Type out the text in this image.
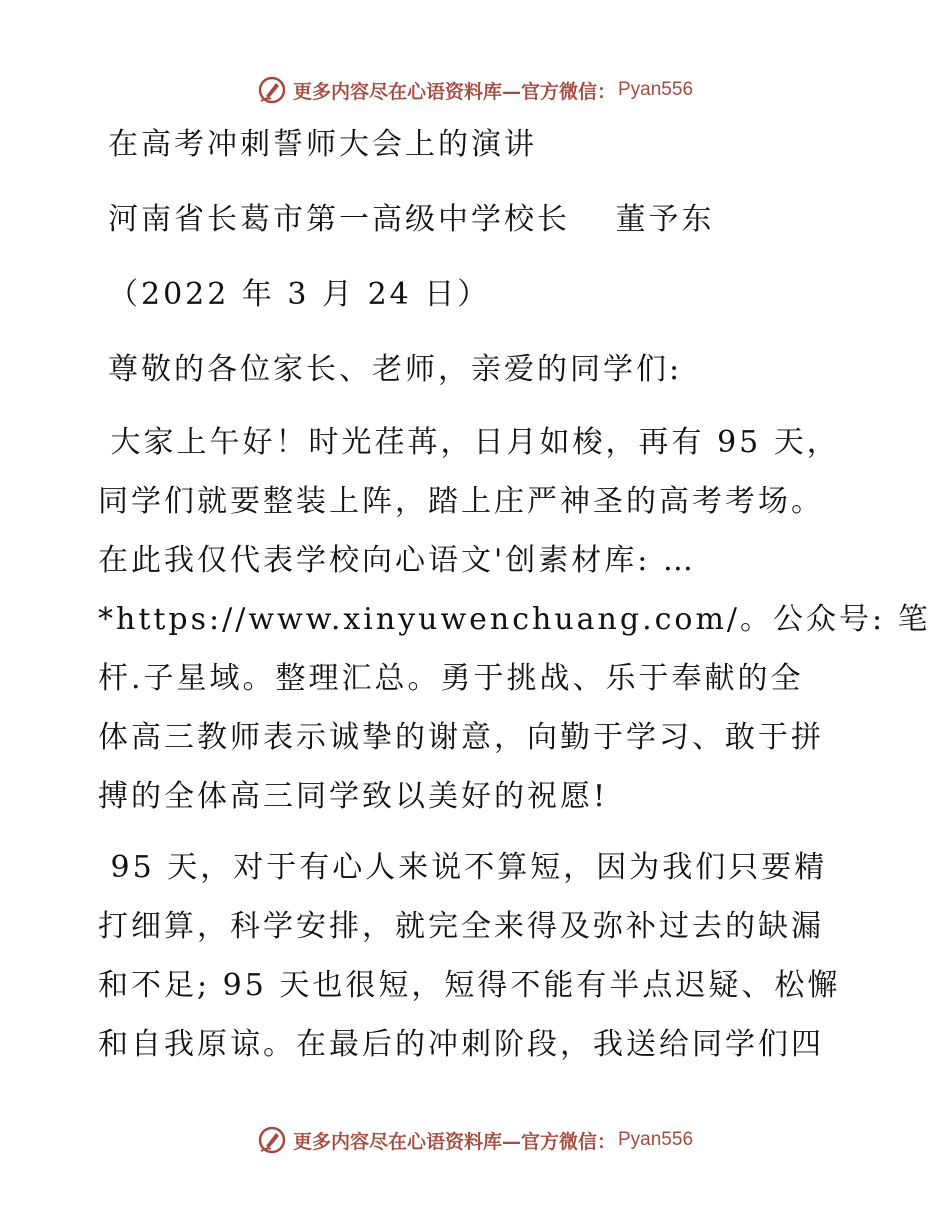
更多内容尽在心语资料库—官方微信： Pyan556
在高考冲刺誓师大会上的演讲
河南省长葛市第一高级中学校长　 董予东
（2022 年 3 月 24 日）
尊敬的各位家长、老师，亲爱的同学们:
大家上午好！时光荏苒，日月如梭，再有 95 天，
同学们就要整装上阵，踏上庄严神圣的高考考场。
在此我仅代表学校向心语文'创素材库: …
*https://www.xinyuwenchuang.com/。公众号: 笔
杆.子星域。整理汇总。勇于挑战、乐于奉献的全
体高三教师表示诚挚的谢意，向勤于学习、敢于拼
搏的全体高三同学致以美好的祝愿!
95 天，对于有心人来说不算短，因为我们只要精
打细算，科学安排，就完全来得及弥补过去的缺漏
和不足; 95 天也很短，短得不能有半点迟疑、松懈
和自我原谅。在最后的冲刺阶段，我送给同学们四
更多内容尽在心语资料库—官方微信： Pyan556
